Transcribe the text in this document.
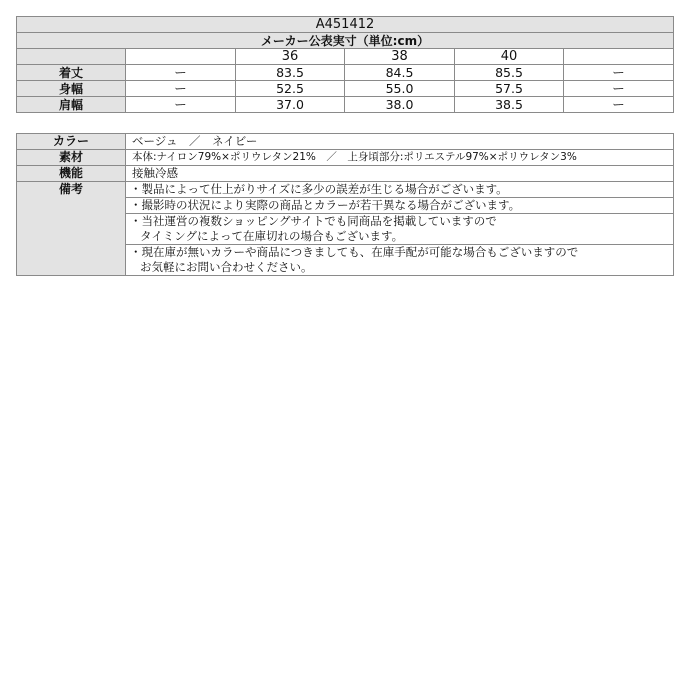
A451412					
メーカー公表実寸（単位:cm）					
		36	38	40	
着丈	ー	83.5	84.5	85.5	ー
身幅	ー	52.5	55.0	57.5	ー
肩幅	ー	37.0	38.0	38.5	ー
カラー	ベージュ　／　ネイビー
素材	本体:ナイロン79%×ポリウレタン21%　／　上身頃部分:ポリエステル97%×ポリウレタン3%
機能	接触冷感
備考	・製品によって仕上がりサイズに多少の誤差が生じる場合がございます。

	・撮影時の状況により実際の商品とカラーが若干異なる場合がございます。

	・当社運営の複数ショッピングサイトでも同商品を掲載していますので
タイミングによって在庫切れの場合もございます。

	・現在庫が無いカラーや商品につきましても、在庫手配が可能な場合もございますので
お気軽にお問い合わせください。
